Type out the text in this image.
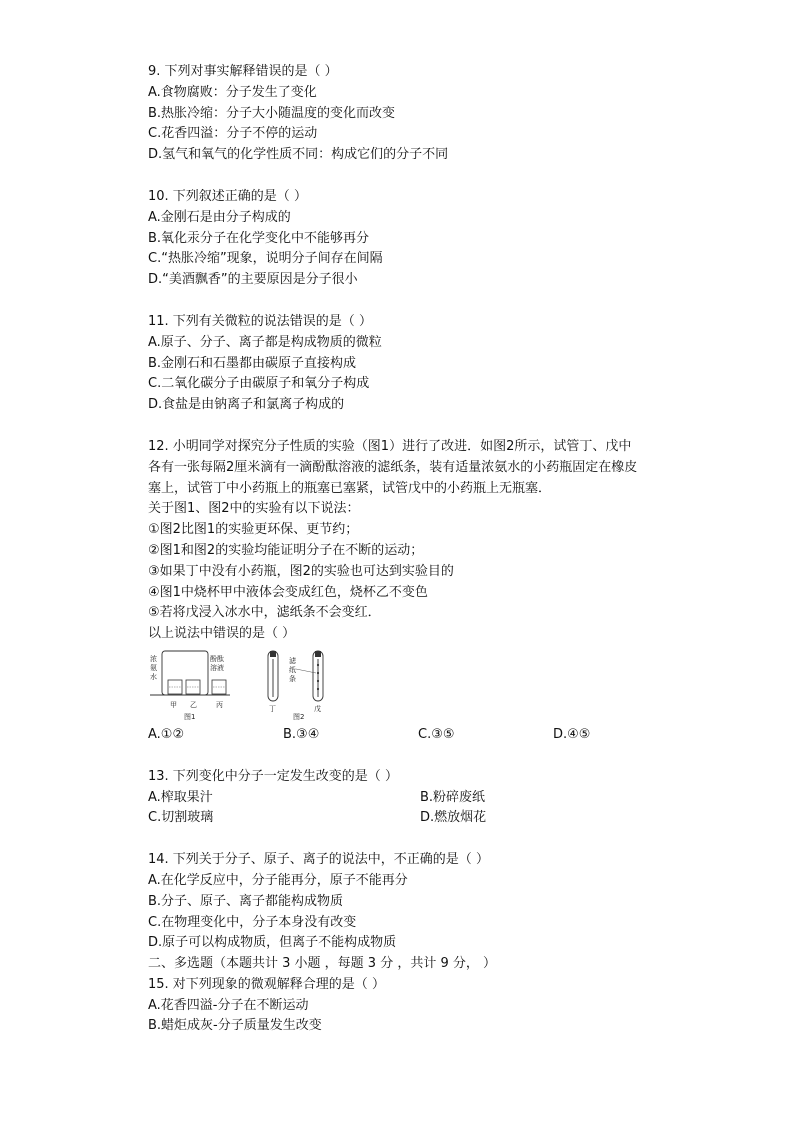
9. 下列对事实解释错误的是（ ）
A.食物腐败：分子发生了变化
B.热胀冷缩：分子大小随温度的变化而改变
C.花香四溢：分子不停的运动
D.氢气和氧气的化学性质不同：构成它们的分子不同
10. 下列叙述正确的是（ ）
A.金刚石是由分子构成的
B.氧化汞分子在化学变化中不能够再分
C.“热胀冷缩”现象，说明分子间存在间隔
D.“美酒飘香”的主要原因是分子很小
11. 下列有关微粒的说法错误的是（ ）
A.原子、分子、离子都是构成物质的微粒
B.金刚石和石墨都由碳原子直接构成
C.二氧化碳分子由碳原子和氧分子构成
D.食盐是由钠离子和氯离子构成的
12. 小明同学对探究分子性质的实验（图1）进行了改进．如图2所示，试管丁、戊中
各有一张每隔2厘米滴有一滴酚酞溶液的滤纸条，装有适量浓氨水的小药瓶固定在橡皮
塞上，试管丁中小药瓶上的瓶塞已塞紧，试管戊中的小药瓶上无瓶塞．
关于图1、图2中的实验有以下说法：
①图2比图1的实验更环保、更节约；
②图1和图2的实验均能证明分子在不断的运动；
③如果丁中没有小药瓶，图2的实验也可达到实验目的
④图1中烧杯甲中液体会变成红色，烧杯乙不变色
⑤若将戊浸入冰水中，滤纸条不会变红．
以上说法中错误的是（ ）
浓
氨
水
酚酞
溶液
甲 乙	丙
图1
滤
纸
条
丁	戊
图2
A.①②	B.③④	C.③⑤	D.④⑤
13. 下列变化中分子一定发生改变的是（ ）
A.榨取果汁	B.粉碎废纸
C.切割玻璃	D.燃放烟花
14. 下列关于分子、原子、离子的说法中，不正确的是（ ）
A.在化学反应中，分子能再分，原子不能再分
B.分子、原子、离子都能构成物质
C.在物理变化中，分子本身没有改变
D.原子可以构成物质，但离子不能构成物质
二、多选题（本题共计 3 小题 ，每题 3 分 ，共计 9 分， ）
15. 对下列现象的微观解释合理的是（ ）
A.花香四溢-分子在不断运动
B.蜡炬成灰-分子质量发生改变
